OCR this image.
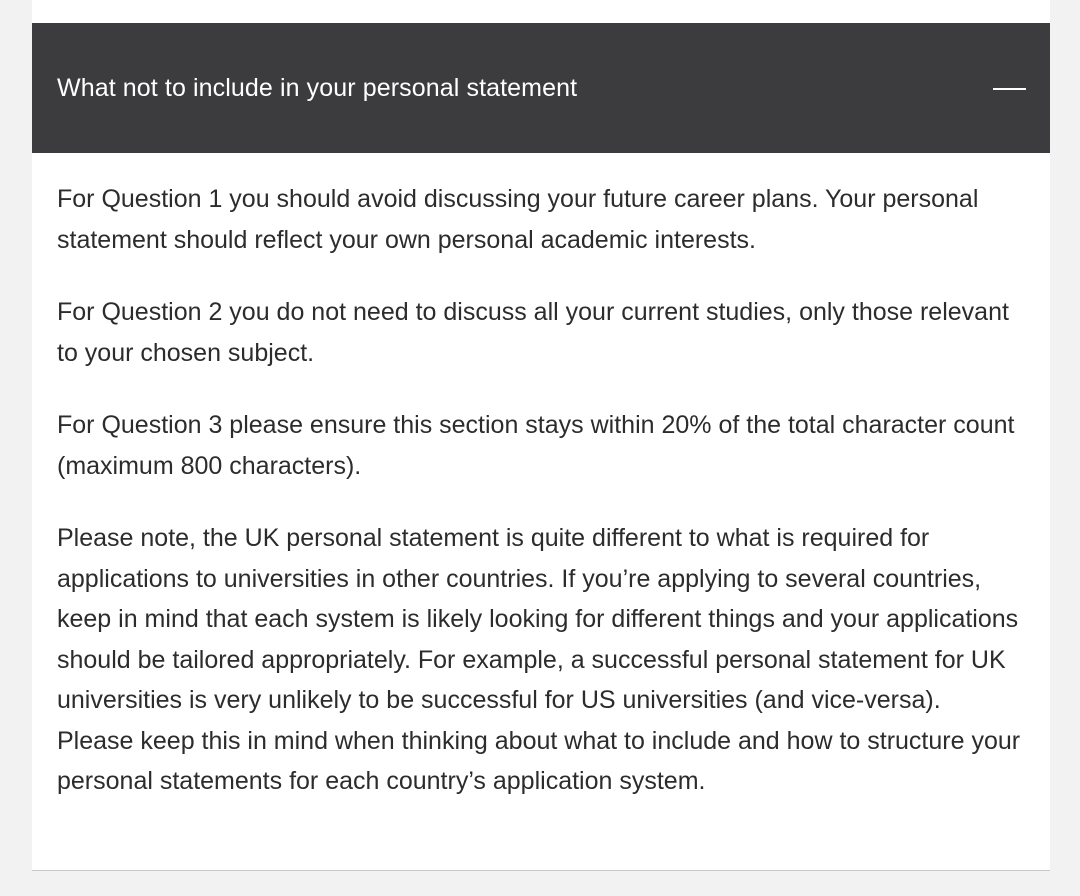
What not to include in your personal statement

For Question 1 you should avoid discussing your future career plans. Your personal statement should reflect your own personal academic interests.

For Question 2 you do not need to discuss all your current studies, only those relevant to your chosen subject.

For Question 3 please ensure this section stays within 20% of the total character count (maximum 800 characters).

Please note, the UK personal statement is quite different to what is required for applications to universities in other countries. If you’re applying to several countries, keep in mind that each system is likely looking for different things and your applications should be tailored appropriately. For example, a successful personal statement for UK universities is very unlikely to be successful for US universities (and vice-versa). Please keep this in mind when thinking about what to include and how to structure your personal statements for each country’s application system.
